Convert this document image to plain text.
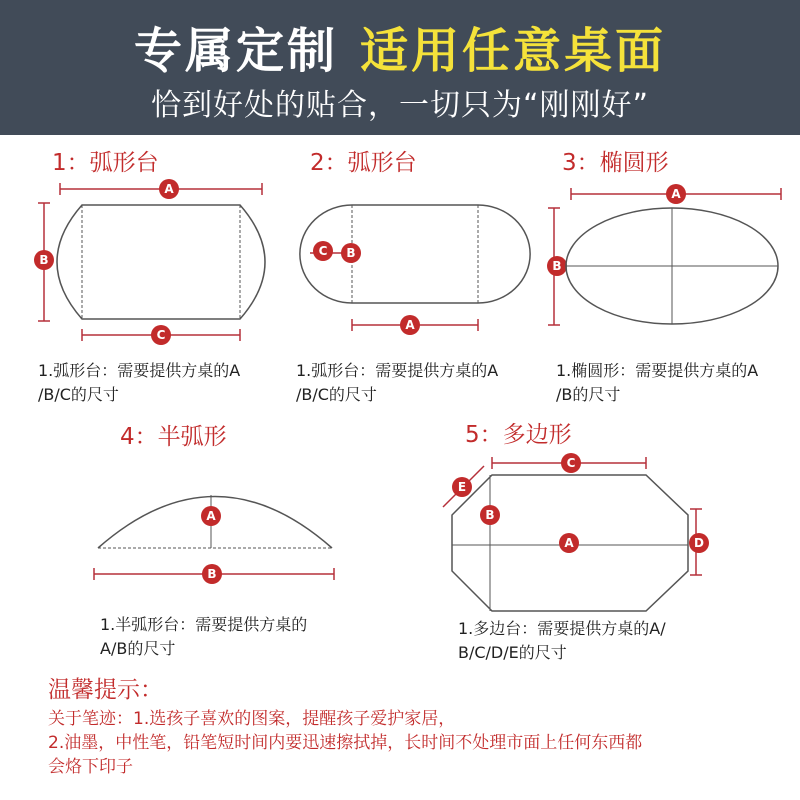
专属定制 适用任意桌面
恰到好处的贴合，一切只为“刚刚好”
A
B
C
C B
A
A
B
A
B
C
E
B
A	D
1：弧形台	2：弧形台	3：椭圆形
4：半弧形	5：多边形
1.弧形台：需要提供方桌的A
/B/C的尺寸
1.弧形台：需要提供方桌的A
/B/C的尺寸
1.椭圆形：需要提供方桌的A
/B的尺寸
1.半弧形台：需要提供方桌的
A/B的尺寸
1.多边台：需要提供方桌的A/
B/C/D/E的尺寸
温馨提示：
关于笔迹：1.选孩子喜欢的图案，提醒孩子爱护家居，
2.油墨，中性笔，铅笔短时间内要迅速擦拭掉，长时间不处理市面上任何东西都
会烙下印子
